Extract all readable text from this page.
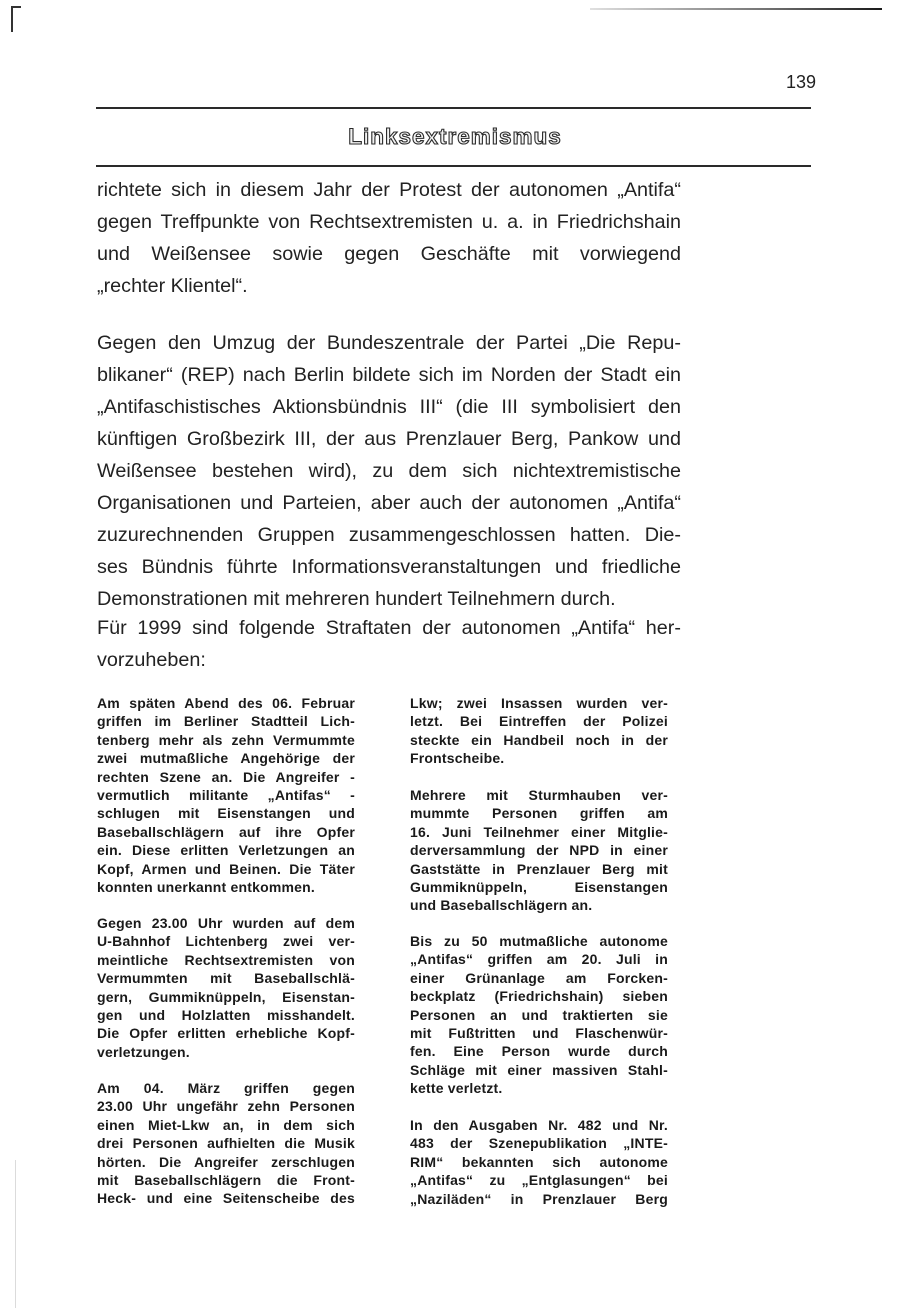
139
Linksextremismus
richtete sich in diesem Jahr der Protest der autonomen „Antifa“
gegen Treffpunkte von Rechtsextremisten u. a. in Friedrichshain
und Weißensee sowie gegen Geschäfte mit vorwiegend
„rechter Klientel“.
Gegen den Umzug der Bundeszentrale der Partei „Die Repu-
blikaner“ (REP) nach Berlin bildete sich im Norden der Stadt ein
„Antifaschistisches Aktionsbündnis III“ (die III symbolisiert den
künftigen Großbezirk III, der aus Prenzlauer Berg, Pankow und
Weißensee bestehen wird), zu dem sich nichtextremistische
Organisationen und Parteien, aber auch der autonomen „Antifa“
zuzurechnenden Gruppen zusammengeschlossen hatten. Die-
ses Bündnis führte Informationsveranstaltungen und friedliche
Demonstrationen mit mehreren hundert Teilnehmern durch.
Für 1999 sind folgende Straftaten der autonomen „Antifa“ her-
vorzuheben:
Am späten Abend des 06. Februar
griffen im Berliner Stadtteil Lich-
tenberg mehr als zehn Vermummte
zwei mutmaßliche Angehörige der
rechten Szene an. Die Angreifer -
vermutlich militante „Antifas“ -
schlugen mit Eisenstangen und
Baseballschlägern auf ihre Opfer
ein. Diese erlitten Verletzungen an
Kopf, Armen und Beinen. Die Täter
konnten unerkannt entkommen.
Gegen 23.00 Uhr wurden auf dem
U-Bahnhof Lichtenberg zwei ver-
meintliche Rechtsextremisten von
Vermummten mit Baseballschlä-
gern, Gummiknüppeln, Eisenstan-
gen und Holzlatten misshandelt.
Die Opfer erlitten erhebliche Kopf-
verletzungen.
Am 04. März griffen gegen
23.00 Uhr ungefähr zehn Personen
einen Miet-Lkw an, in dem sich
drei Personen aufhielten die Musik
hörten. Die Angreifer zerschlugen
mit Baseballschlägern die Front-
Heck- und eine Seitenscheibe des
Lkw; zwei Insassen wurden ver-
letzt. Bei Eintreffen der Polizei
steckte ein Handbeil noch in der
Frontscheibe.
Mehrere mit Sturmhauben ver-
mummte Personen griffen am
16. Juni Teilnehmer einer Mitglie-
derversammlung der NPD in einer
Gaststätte in Prenzlauer Berg mit
Gummiknüppeln, Eisenstangen
und Baseballschlägern an.
Bis zu 50 mutmaßliche autonome
„Antifas“ griffen am 20. Juli in
einer Grünanlage am Forcken-
beckplatz (Friedrichshain) sieben
Personen an und traktierten sie
mit Fußtritten und Flaschenwür-
fen. Eine Person wurde durch
Schläge mit einer massiven Stahl-
kette verletzt.
In den Ausgaben Nr. 482 und Nr.
483 der Szenepublikation „INTE-
RIM“ bekannten sich autonome
„Antifas“ zu „Entglasungen“ bei
„Naziläden“ in Prenzlauer Berg
